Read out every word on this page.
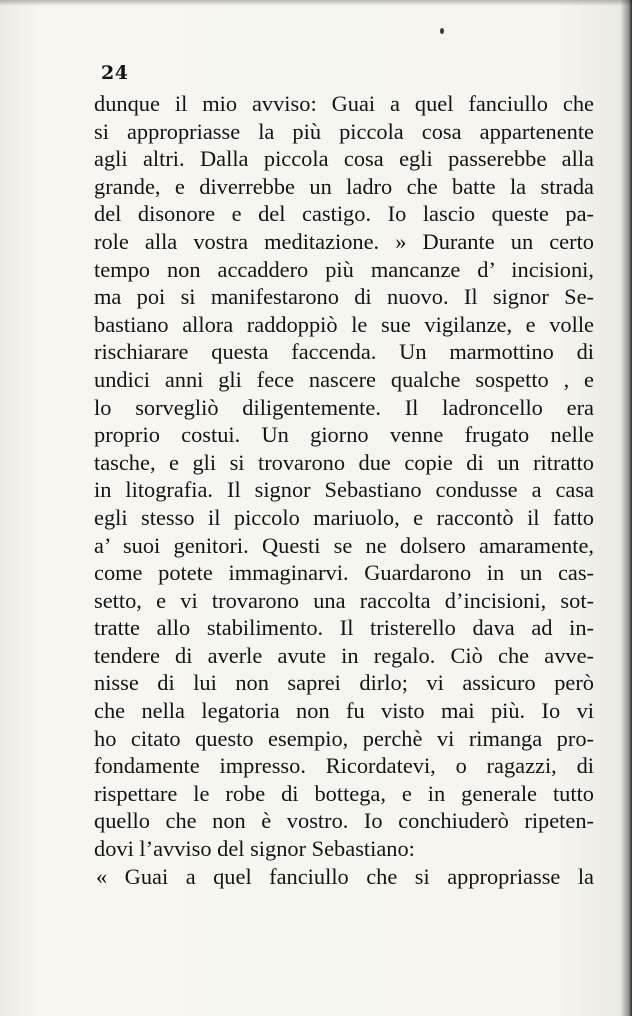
24
dunque il mio avviso: Guai a quel fanciullo che
si appropriasse la più piccola cosa appartenente
agli altri. Dalla piccola cosa egli passerebbe alla
grande, e diverrebbe un ladro che batte la strada
del disonore e del castigo. Io lascio queste pa-
role alla vostra meditazione. » Durante un certo
tempo non accaddero più mancanze d’ incisioni,
ma poi si manifestarono di nuovo. Il signor Se-
bastiano allora raddoppiò le sue vigilanze, e volle
rischiarare questa faccenda. Un marmottino di
undici anni gli fece nascere qualche sospetto , e
lo sorvegliò diligentemente. Il ladroncello era
proprio costui. Un giorno venne frugato nelle
tasche, e gli si trovarono due copie di un ritratto
in litografia. Il signor Sebastiano condusse a casa
egli stesso il piccolo mariuolo, e raccontò il fatto
a’ suoi genitori. Questi se ne dolsero amaramente,
come potete immaginarvi. Guardarono in un cas-
setto, e vi trovarono una raccolta d’incisioni, sot-
tratte allo stabilimento. Il tristerello dava ad in-
tendere di averle avute in regalo. Ciò che avve-
nisse di lui non saprei dirlo; vi assicuro però
che nella legatoria non fu visto mai più. Io vi
ho citato questo esempio, perchè vi rimanga pro-
fondamente impresso. Ricordatevi, o ragazzi, di
rispettare le robe di bottega, e in generale tutto
quello che non è vostro. Io conchiuderò ripeten-
dovi l’avviso del signor Sebastiano:
« Guai a quel fanciullo che si appropriasse la
